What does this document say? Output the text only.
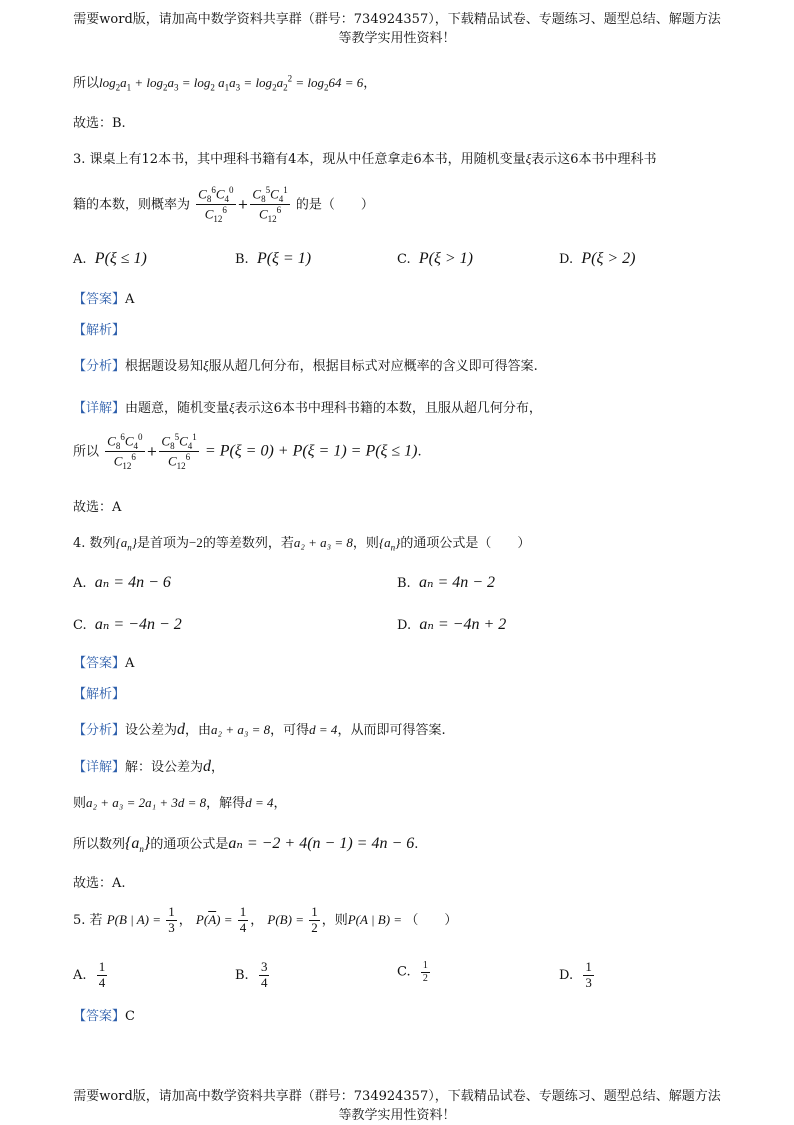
需要word版，请加高中数学资料共享群（群号：734924357），下载精品试卷、专题练习、题型总结、解题方法
等教学实用性资料！
所以$\log_2a_1 + \log_2a_3 = \log_2 a_1a_3 = \log_2a_2^2 = \log_264 = 6$，
故选：B.
3. 课桌上有12本书，其中理科书籍有4本，现从中任意拿走6本书，用随机变量ξ表示这6本书中理科书
籍的本数，则概率为 $\frac{C_8^6C_4^0}{C_{12}^6} + \frac{C_8^5C_4^1}{C_{12}^6}$ 的是（　　）
A. P(ξ ≤ 1)	B. P(ξ = 1)	C. P(ξ > 1)	D. P(ξ > 2)
【答案】A
【解析】
【分析】根据题设易知ξ服从超几何分布，根据目标式对应概率的含义即可得答案.
【详解】由题意，随机变量ξ表示这6本书中理科书籍的本数，且服从超几何分布，
所以 $\frac{C_8^6C_4^0}{C_{12}^6} + \frac{C_8^5C_4^1}{C_{12}^6} = P(\xi = 0) + P(\xi = 1) = P(\xi \le 1)$.
故选：A
4. 数列$\{a_n\}$是首项为−2的等差数列，若a₂ + a₃ = 8，则$\{a_n\}$的通项公式是（　　）
A. aₙ = 4n − 6	B. aₙ = 4n − 2
C. aₙ = −4n − 2	D. aₙ = −4n + 2
【答案】A
【解析】
【分析】设公差为d，由a₂ + a₃ = 8，可得d = 4，从而即可得答案.
【详解】解：设公差为d，
则a₂ + a₃ = 2a₁ + 3d = 8，解得d = 4，
所以数列$\{a_n\}$的通项公式是aₙ = −2 + 4(n − 1) = 4n − 6.
故选：A.
5. 若 P(B | $A) = \frac{1}{3}$ ， $P(\overline{A}) = \frac{1}{4}$ ， $P(B) = \frac{1}{2}$ ，则P(A | B) = （　　）
A. $\frac{1}{4}$	B. $\frac{3}{4}$	C. $\frac{1}{2}$	D. $\frac{1}{3}$
【答案】C
需要word版，请加高中数学资料共享群（群号：734924357），下载精品试卷、专题练习、题型总结、解题方法
等教学实用性资料！
